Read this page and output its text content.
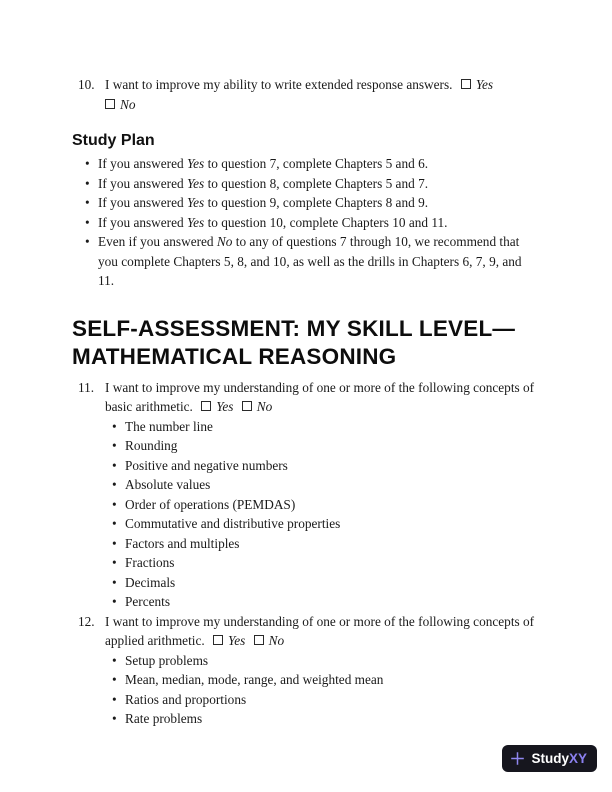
10. I want to improve my ability to write extended response answers. Yes
No
Study Plan
• If you answered Yes to question 7, complete Chapters 5 and 6.
• If you answered Yes to question 8, complete Chapters 5 and 7.
• If you answered Yes to question 9, complete Chapters 8 and 9.
• If you answered Yes to question 10, complete Chapters 10 and 11.
• Even if you answered No to any of questions 7 through 10, we recommend that you complete Chapters 5, 8, and 10, as well as the drills in Chapters 6, 7, 9, and 11.
SELF-ASSESSMENT: MY SKILL LEVEL—
MATHEMATICAL REASONING
11. I want to improve my understanding of one or more of the following concepts of basic arithmetic. Yes No
• The number line
• Rounding
• Positive and negative numbers
• Absolute values
• Order of operations (PEMDAS)
• Commutative and distributive properties
• Factors and multiples
• Fractions
• Decimals
• Percents
12. I want to improve my understanding of one or more of the following concepts of applied arithmetic. Yes No
• Setup problems
• Mean, median, mode, range, and weighted mean
• Ratios and proportions
• Rate problems
StudyXY
